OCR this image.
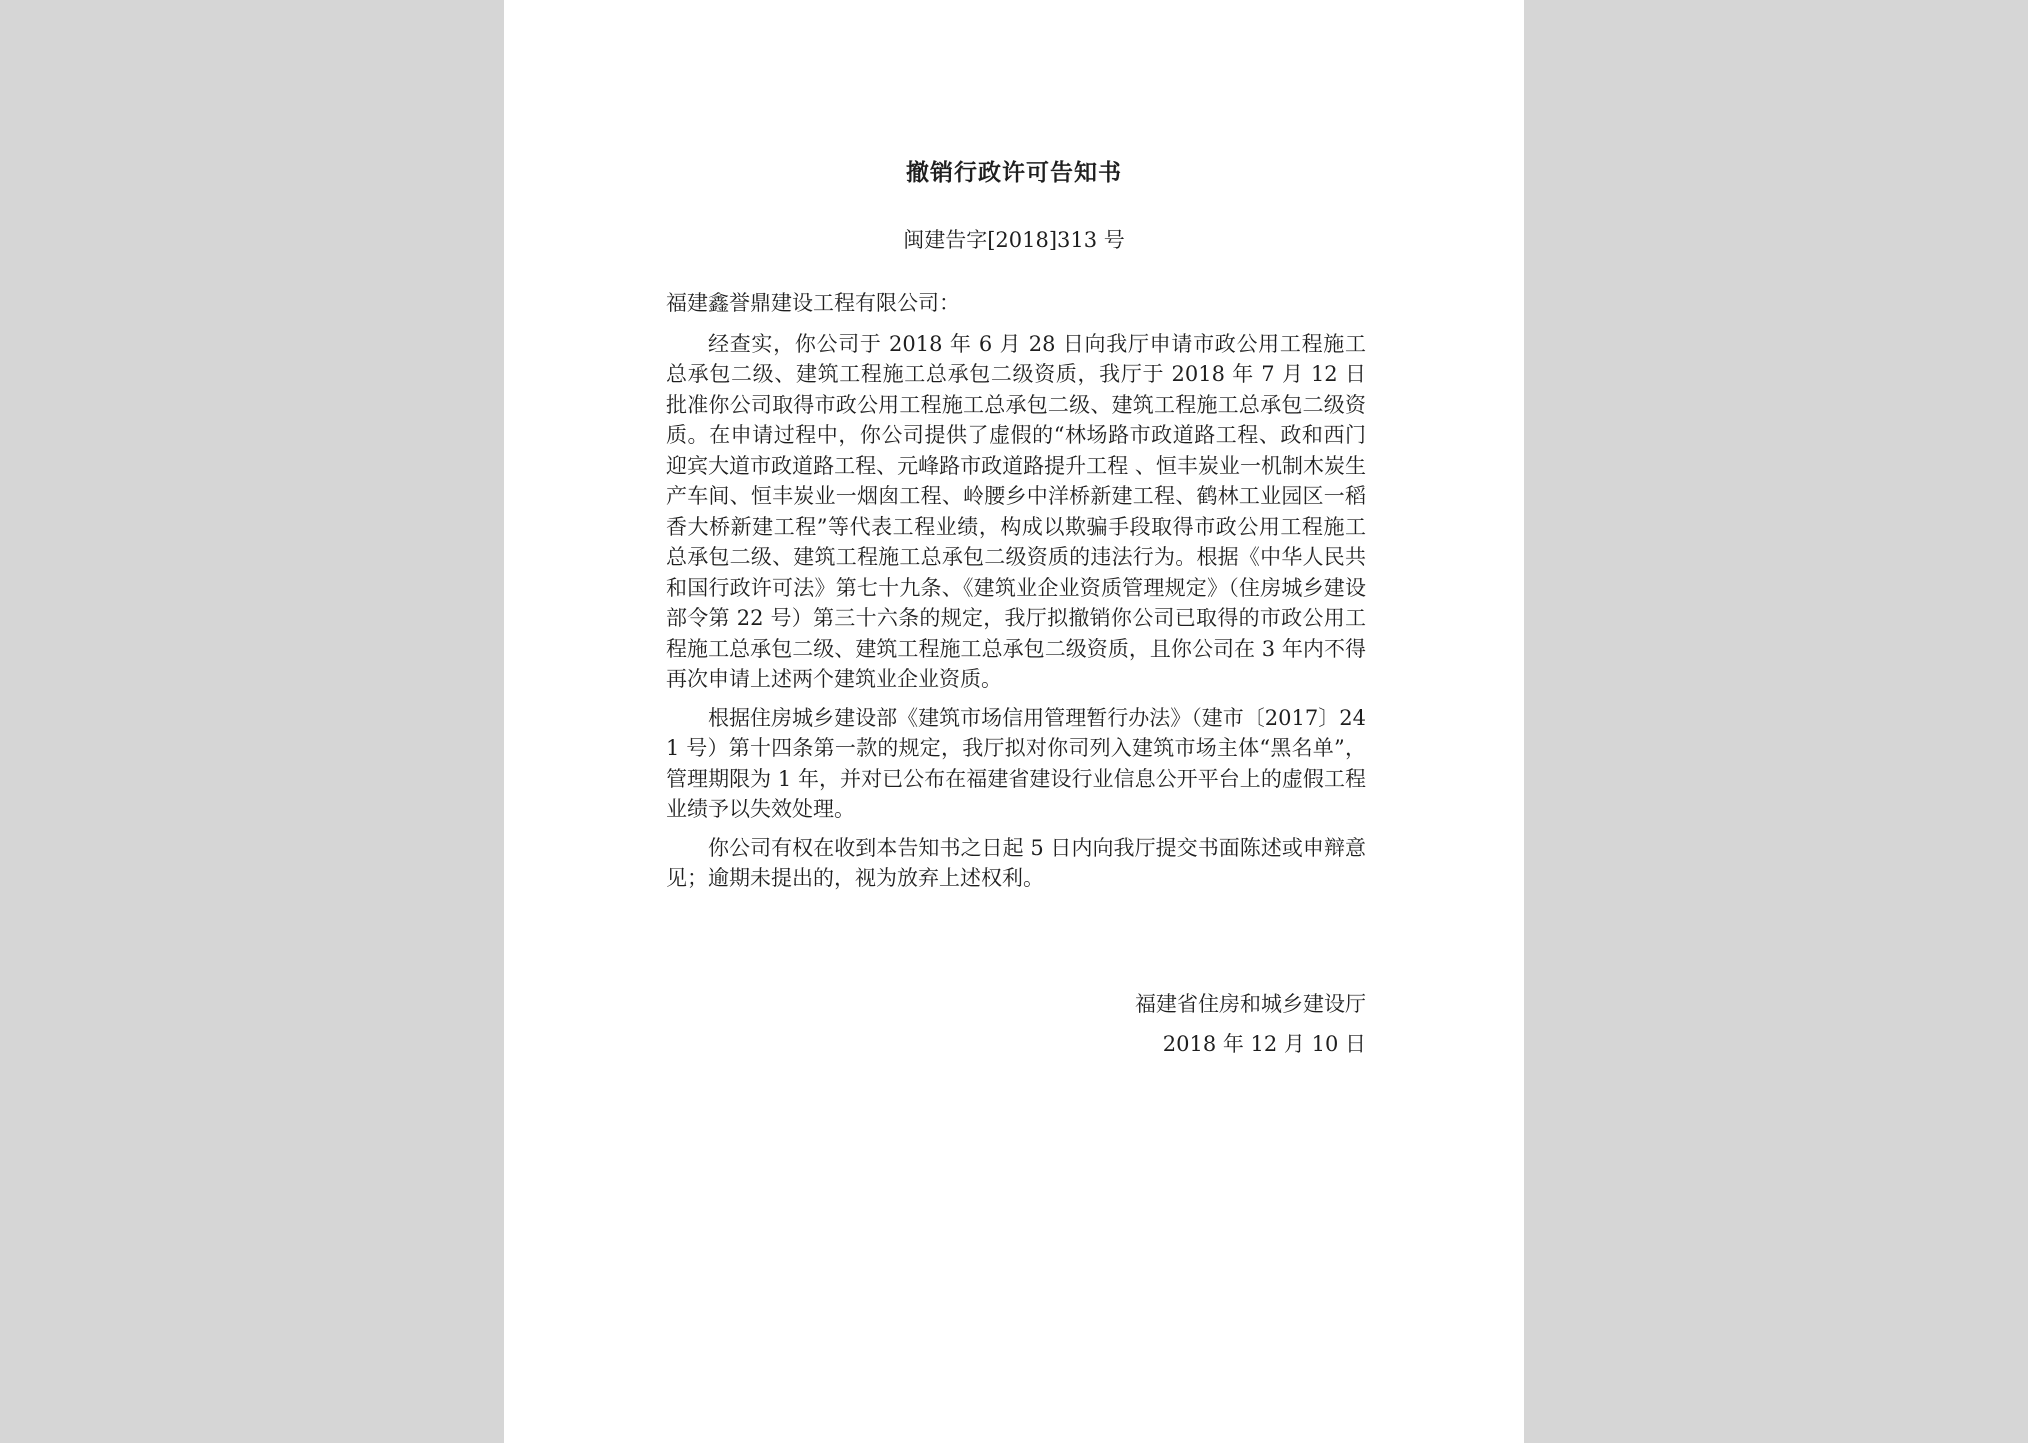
撤销行政许可告知书
闽建告字[2018]313 号

福建鑫誉鼎建设工程有限公司：

经查实，你公司于 2018 年 6 月 28 日向我厅申请市政公用工程施工总承包二级、建筑工程施工总承包二级资质，我厅于 2018 年 7 月 12 日批准你公司取得市政公用工程施工总承包二级、建筑工程施工总承包二级资质。在申请过程中，你公司提供了虚假的“林场路市政道路工程、政和西门迎宾大道市政道路工程、元峰路市政道路提升工程 、恒丰炭业一机制木炭生产车间、恒丰炭业一烟囱工程、岭腰乡中洋桥新建工程、鹤林工业园区一稻香大桥新建工程”等代表工程业绩，构成以欺骗手段取得市政公用工程施工总承包二级、建筑工程施工总承包二级资质的违法行为。根据《中华人民共和国行政许可法》第七十九条、《建筑业企业资质管理规定》（住房城乡建设部令第 22 号）第三十六条的规定，我厅拟撤销你公司已取得的市政公用工程施工总承包二级、建筑工程施工总承包二级资质，且你公司在 3 年内不得再次申请上述两个建筑业企业资质。

根据住房城乡建设部《建筑市场信用管理暂行办法》（建市〔2017〕241 号）第十四条第一款的规定，我厅拟对你司列入建筑市场主体“黑名单”，管理期限为 1 年，并对已公布在福建省建设行业信息公开平台上的虚假工程业绩予以失效处理。

你公司有权在收到本告知书之日起 5 日内向我厅提交书面陈述或申辩意见；逾期未提出的，视为放弃上述权利。

福建省住房和城乡建设厅
2018 年 12 月 10 日
